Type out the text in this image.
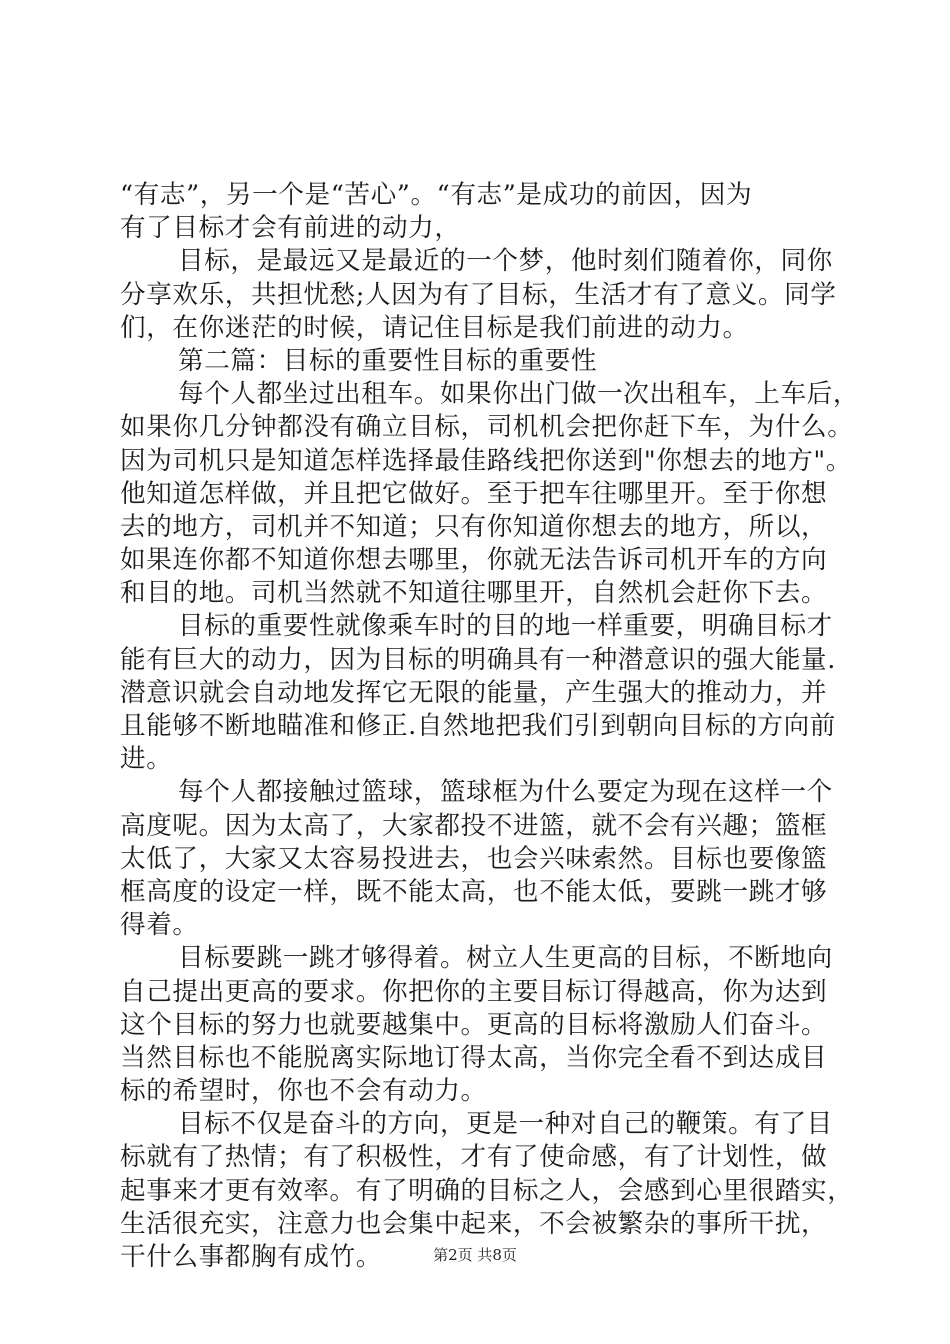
“有志”，另一个是“苦心”。“有志”是成功的前因，因为
有了目标才会有前进的动力，
目标，是最远又是最近的一个梦，他时刻们随着你，同你
分享欢乐，共担忧愁;人因为有了目标，生活才有了意义。同学
们，在你迷茫的时候，请记住目标是我们前进的动力。
第二篇：目标的重要性目标的重要性
每个人都坐过出租车。如果你出门做一次出租车，上车后，
如果你几分钟都没有确立目标，司机机会把你赶下车，为什么。
因为司机只是知道怎样选择最佳路线把你送到"你想去的地方"。
他知道怎样做，并且把它做好。至于把车往哪里开。至于你想
去的地方，司机并不知道；只有你知道你想去的地方，所以，
如果连你都不知道你想去哪里，你就无法告诉司机开车的方向
和目的地。司机当然就不知道往哪里开，自然机会赶你下去。
目标的重要性就像乘车时的目的地一样重要，明确目标才
能有巨大的动力，因为目标的明确具有一种潜意识的强大能量.
潜意识就会自动地发挥它无限的能量，产生强大的推动力，并
且能够不断地瞄准和修正.自然地把我们引到朝向目标的方向前
进。
每个人都接触过篮球，篮球框为什么要定为现在这样一个
高度呢。因为太高了，大家都投不进篮，就不会有兴趣；篮框
太低了，大家又太容易投进去，也会兴味索然。目标也要像篮
框高度的设定一样，既不能太高，也不能太低，要跳一跳才够
得着。
目标要跳一跳才够得着。树立人生更高的目标，不断地向
自己提出更高的要求。你把你的主要目标订得越高，你为达到
这个目标的努力也就要越集中。更高的目标将激励人们奋斗。
当然目标也不能脱离实际地订得太高，当你完全看不到达成目
标的希望时，你也不会有动力。
目标不仅是奋斗的方向，更是一种对自己的鞭策。有了目
标就有了热情；有了积极性，才有了使命感，有了计划性，做
起事来才更有效率。有了明确的目标之人，会感到心里很踏实，
生活很充实，注意力也会集中起来，不会被繁杂的事所干扰，
干什么事都胸有成竹。	第2页 共8页
